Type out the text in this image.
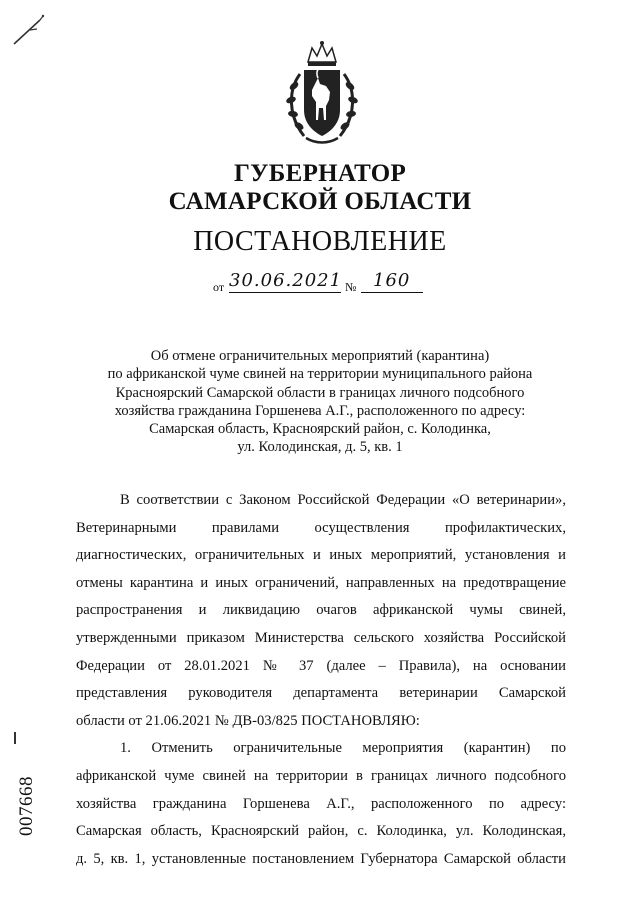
ГУБЕРНАТОР
САМАРСКОЙ ОБЛАСТИ
ПОСТАНОВЛЕНИЕ
от 30.06.2021 № 160
Об отмене ограничительных мероприятий (карантина)
по африканской чуме свиней на территории муниципального района
Красноярский Самарской области в границах личного подсобного
хозяйства гражданина Горшенева А.Г., расположенного по адресу:
Самарская область, Красноярский район, с. Колодинка,
ул. Колодинская, д. 5, кв. 1
В соответствии с Законом Российской Федерации «О ветеринарии»,
Ветеринарными правилами осуществления профилактических,
диагностических, ограничительных и иных мероприятий, установления и
отмены карантина и иных ограничений, направленных на предотвращение
распространения и ликвидацию очагов африканской чумы свиней,
утвержденными приказом Министерства сельского хозяйства Российской
Федерации от 28.01.2021 № 37 (далее – Правила), на основании
представления руководителя департамента ветеринарии Самарской
области от 21.06.2021 № ДВ-03/825 ПОСТАНОВЛЯЮ:
1. Отменить ограничительные мероприятия (карантин) по
африканской чуме свиней на территории в границах личного подсобного
хозяйства гражданина Горшенева А.Г., расположенного по адресу:
Самарская область, Красноярский район, с. Колодинка, ул. Колодинская,
д. 5, кв. 1, установленные постановлением Губернатора Самарской области
007668
